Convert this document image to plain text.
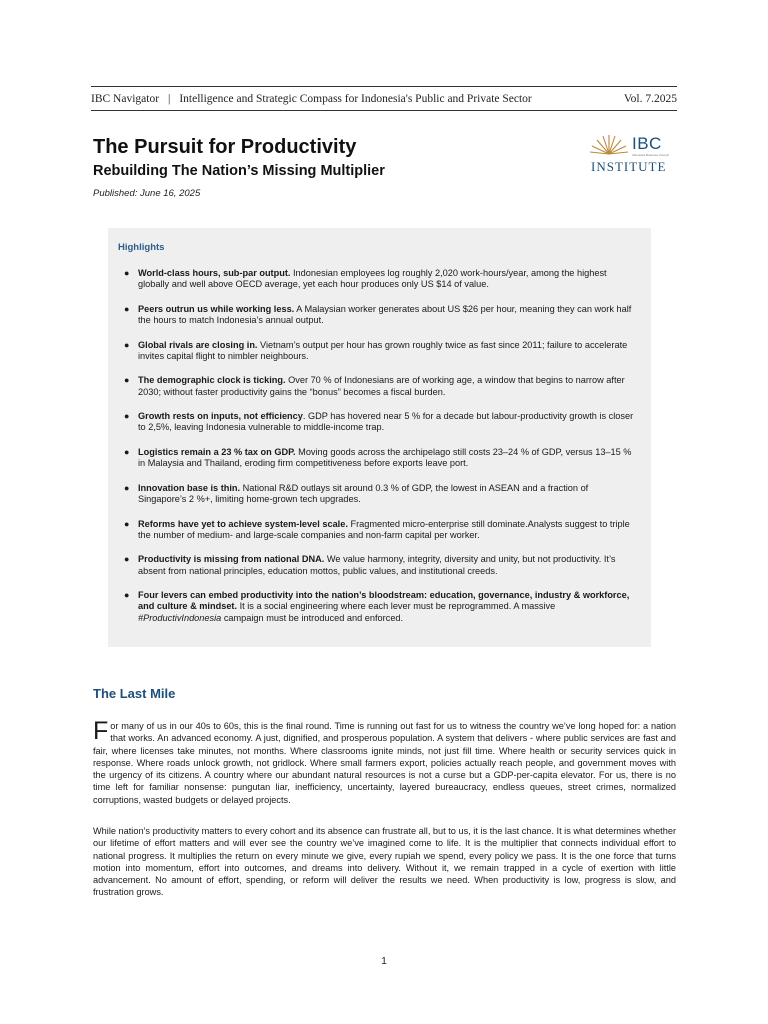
IBC Navigator | Intelligence and Strategic Compass for Indonesia's Public and Private Sector	Vol. 7.2025
The Pursuit for Productivity
Rebuilding The Nation’s Missing Multiplier
Published: June 16, 2025
IBC
Indonesia Business Council
INSTITUTE
Highlights
● World-class hours, sub-par output. Indonesian employees log roughly 2,020 work-hours/year, among the highest globally and well above OECD average, yet each hour produces only US $14 of value.
● Peers outrun us while working less. A Malaysian worker generates about US $26 per hour, meaning they can work half the hours to match Indonesia’s annual output.
● Global rivals are closing in. Vietnam’s output per hour has grown roughly twice as fast since 2011; failure to accelerate invites capital flight to nimbler neighbours.
● The demographic clock is ticking. Over 70 % of Indonesians are of working age, a window that begins to narrow after 2030; without faster productivity gains the “bonus” becomes a fiscal burden.
● Growth rests on inputs, not efficiency. GDP has hovered near 5 % for a decade but labour-productivity growth is closer to 2,5%, leaving Indonesia vulnerable to middle-income trap.
● Logistics remain a 23 % tax on GDP. Moving goods across the archipelago still costs 23–24 % of GDP, versus 13–15 % in Malaysia and Thailand, eroding firm competitiveness before exports leave port.
● Innovation base is thin. National R&D outlays sit around 0.3 % of GDP, the lowest in ASEAN and a fraction of Singapore’s 2 %+, limiting home-grown tech upgrades.
● Reforms have yet to achieve system-level scale. Fragmented micro-enterprise still dominate.Analysts suggest to triple the number of medium- and large-scale companies and non-farm capital per worker.
● Productivity is missing from national DNA. We value harmony, integrity, diversity and unity, but not productivity. It’s absent from national principles, education mottos, public values, and institutional creeds.
● Four levers can embed productivity into the nation’s bloodstream: education, governance, industry & workforce, and culture & mindset. It is a social engineering where each lever must be reprogrammed. A massive #ProductivIndonesia campaign must be introduced and enforced.
The Last Mile

For many of us in our 40s to 60s, this is the final round. Time is running out fast for us to witness the country we’ve long hoped for: a nation that works. An advanced economy. A just, dignified, and prosperous population. A system that delivers - where public services are fast and fair, where licenses take minutes, not months. Where classrooms ignite minds, not just fill time. Where health or security services quick in response. Where roads unlock growth, not gridlock. Where small farmers export, policies actually reach people, and government moves with the urgency of its citizens. A country where our abundant natural resources is not a curse but a GDP-per-capita elevator. For us, there is no time left for familiar nonsense: pungutan liar, inefficiency, uncertainty, layered bureaucracy, endless queues, street crimes, normalized corruptions, wasted budgets or delayed projects.

While nation’s productivity matters to every cohort and its absence can frustrate all, but to us, it is the last chance. It is what determines whether our lifetime of effort matters and will ever see the country we’ve imagined come to life. It is the multiplier that connects individual effort to national progress. It multiplies the return on every minute we give, every rupiah we spend, every policy we pass. It is the one force that turns motion into momentum, effort into outcomes, and dreams into delivery. Without it, we remain trapped in a cycle of exertion with little advancement. No amount of effort, spending, or reform will deliver the results we need. When productivity is low, progress is slow, and frustration grows.

1
